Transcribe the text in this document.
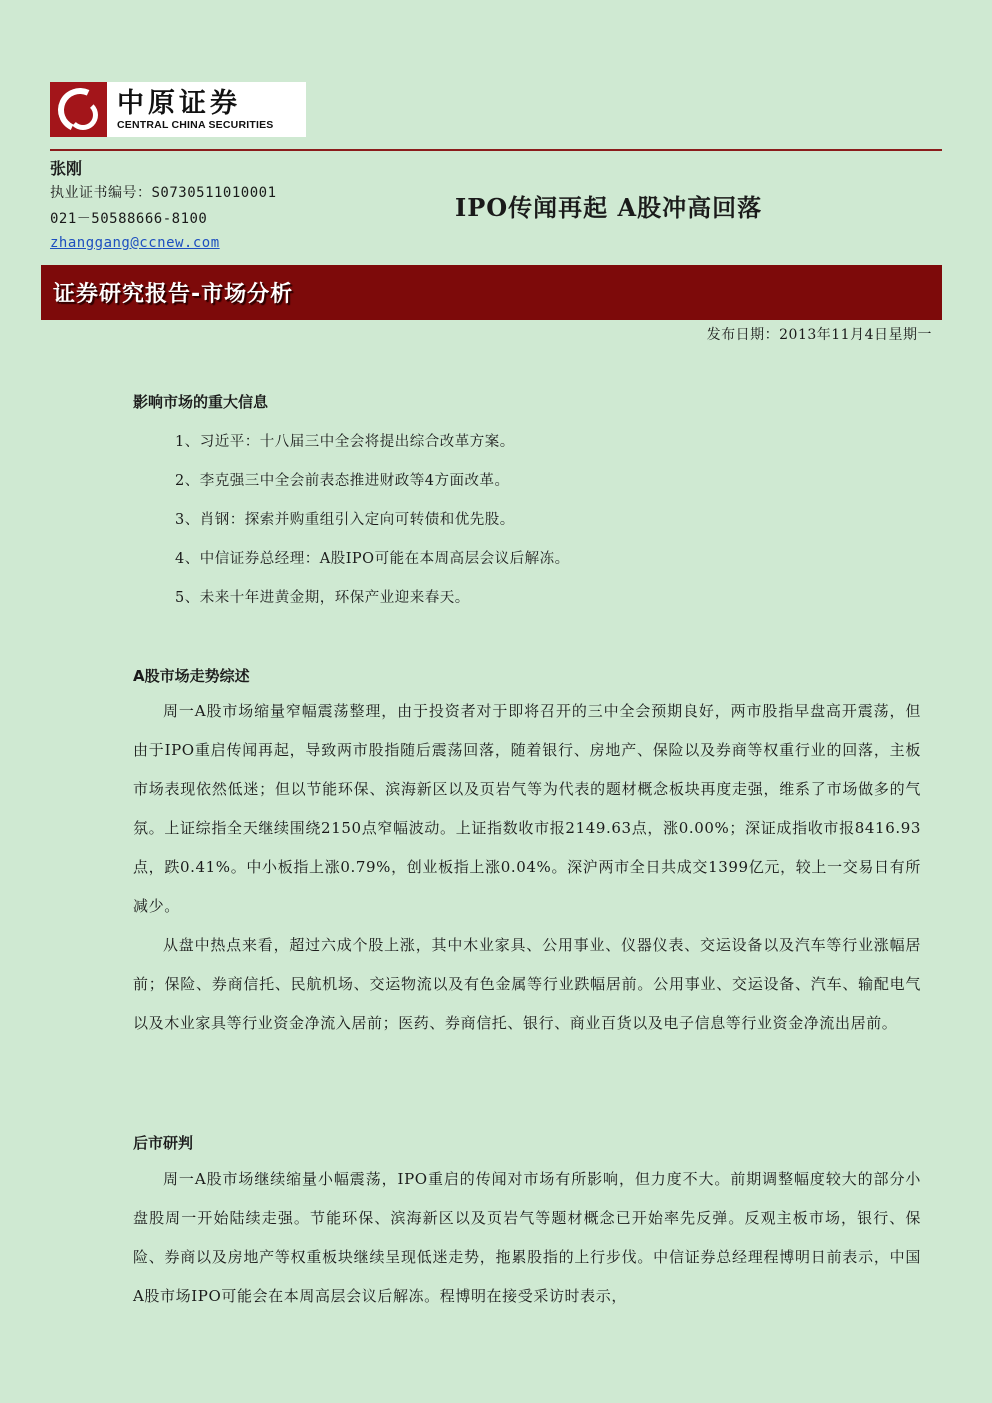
中原证券
CENTRAL CHINA SECURITIES
张刚
执业证书编号：S0730511010001
021－50588666-8100
zhanggang@ccnew.com
IPO传闻再起 A股冲高回落
证券研究报告-市场分析
发布日期：2013年11月4日星期一
影响市场的重大信息
1、习近平：十八届三中全会将提出综合改革方案。
2、李克强三中全会前表态推进财政等4方面改革。
3、肖钢：探索并购重组引入定向可转债和优先股。
4、中信证券总经理：A股IPO可能在本周高层会议后解冻。
5、未来十年进黄金期，环保产业迎来春天。
A股市场走势综述

周一A股市场缩量窄幅震荡整理，由于投资者对于即将召开的三中全会预期良好，两市股指早盘高开震荡，但由于IPO重启传闻再起，导致两市股指随后震荡回落，随着银行、房地产、保险以及券商等权重行业的回落，主板市场表现依然低迷；但以节能环保、滨海新区以及页岩气等为代表的题材概念板块再度走强，维系了市场做多的气氛。上证综指全天继续围绕2150点窄幅波动。上证指数收市报2149.63点，涨0.00%；深证成指收市报8416.93点，跌0.41%。中小板指上涨0.79%，创业板指上涨0.04%。深沪两市全日共成交1399亿元，较上一交易日有所减少。

从盘中热点来看，超过六成个股上涨，其中木业家具、公用事业、仪器仪表、交运设备以及汽车等行业涨幅居前；保险、券商信托、民航机场、交运物流以及有色金属等行业跌幅居前。公用事业、交运设备、汽车、输配电气以及木业家具等行业资金净流入居前；医药、券商信托、银行、商业百货以及电子信息等行业资金净流出居前。

后市研判

周一A股市场继续缩量小幅震荡，IPO重启的传闻对市场有所影响，但力度不大。前期调整幅度较大的部分小盘股周一开始陆续走强。节能环保、滨海新区以及页岩气等题材概念已开始率先反弹。反观主板市场，银行、保险、券商以及房地产等权重板块继续呈现低迷走势，拖累股指的上行步伐。中信证券总经理程博明日前表示，中国A股市场IPO可能会在本周高层会议后解冻。程博明在接受采访时表示，
